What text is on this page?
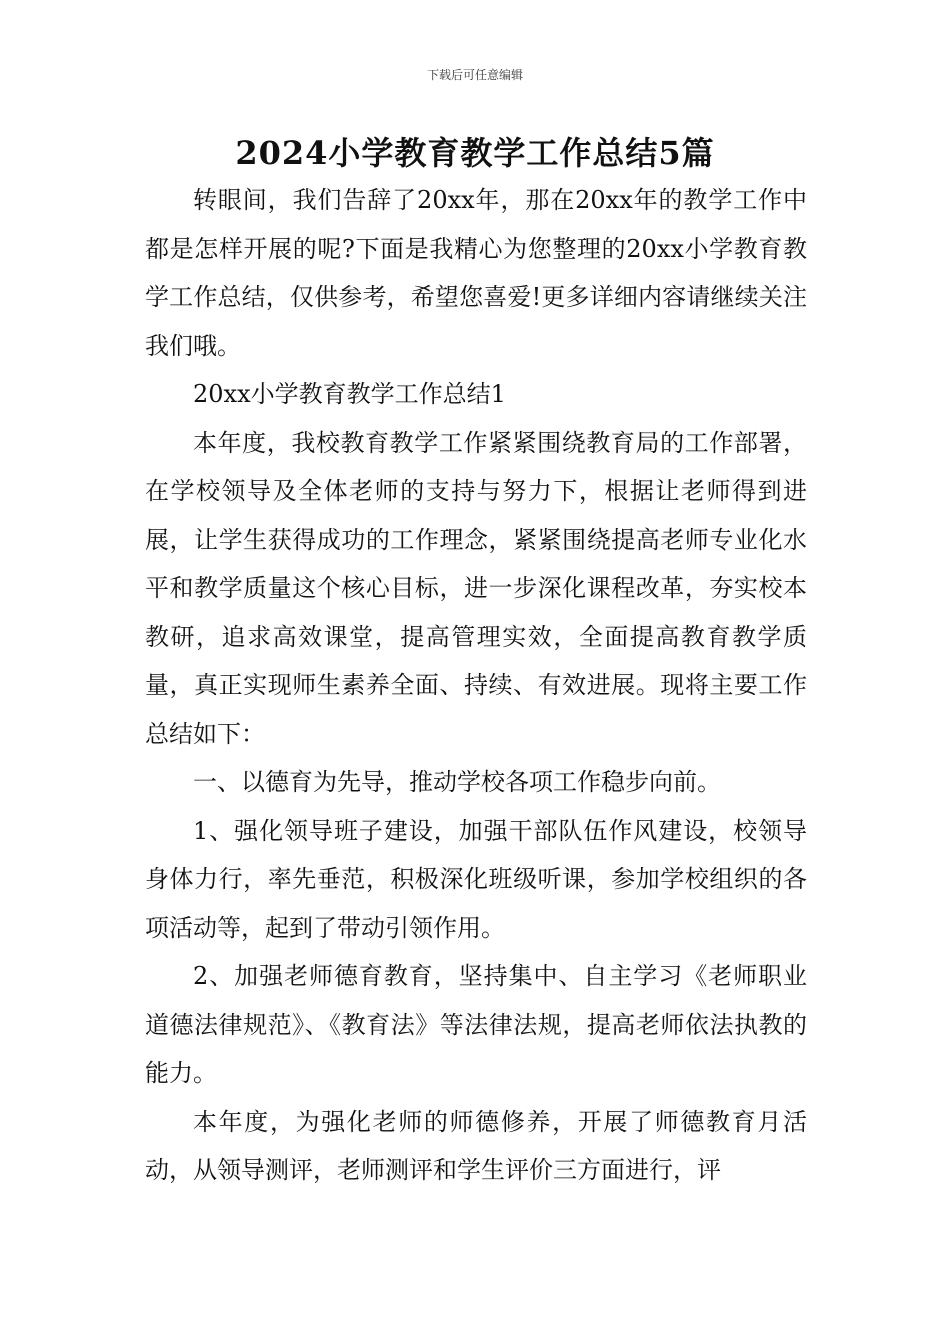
下载后可任意编辑
2024小学教育教学工作总结5篇

转眼间，我们告辞了20xx年，那在20xx年的教学工作中都是怎样开展的呢?下面是我精心为您整理的20xx小学教育教学工作总结，仅供参考，希望您喜爱!更多详细内容请继续关注我们哦。

20xx小学教育教学工作总结1

本年度，我校教育教学工作紧紧围绕教育局的工作部署，在学校领导及全体老师的支持与努力下，根据让老师得到进展，让学生获得成功的工作理念，紧紧围绕提高老师专业化水平和教学质量这个核心目标，进一步深化课程改革，夯实校本教研，追求高效课堂，提高管理实效，全面提高教育教学质量，真正实现师生素养全面、持续、有效进展。现将主要工作总结如下：

一、以德育为先导，推动学校各项工作稳步向前。

1、强化领导班子建设，加强干部队伍作风建设，校领导身体力行，率先垂范，积极深化班级听课，参加学校组织的各项活动等，起到了带动引领作用。

2、加强老师德育教育，坚持集中、自主学习《老师职业道德法律规范》、《教育法》等法律法规，提高老师依法执教的能力。

本年度，为强化老师的师德修养，开展了师德教育月活动，从领导测评，老师测评和学生评价三方面进行，评
